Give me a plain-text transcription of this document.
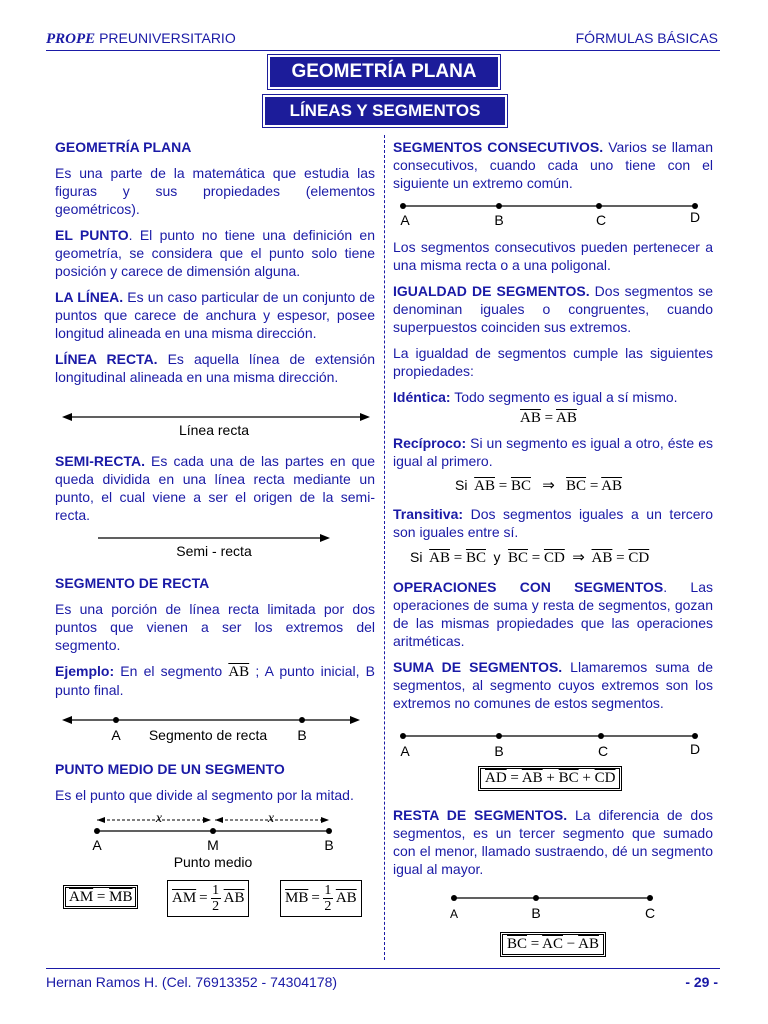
PROPE PREUNIVERSITARIO	FÓRMULAS BÁSICAS
GEOMETRÍA PLANA
LÍNEAS Y SEGMENTOS

GEOMETRÍA PLANA

Es una parte de la matemática que estudia las figuras y sus propiedades (elementos geométricos).

EL PUNTO. El punto no tiene una definición en geometría, se considera que el punto solo tiene posición y carece de dimensión alguna.

LA LÍNEA. Es un caso particular de un conjunto de puntos que carece de anchura y espesor, posee longitud alineada en una misma dirección.

LÍNEA RECTA. Es aquella línea de extensión longitudinal alineada en una misma dirección.

Línea recta

SEMI-RECTA. Es cada una de las partes en que queda dividida en una línea recta mediante un punto, el cual viene a ser el origen de la semi-recta.

Semi - recta

SEGMENTO DE RECTA

Es una porción de línea recta limitada por dos puntos que vienen a ser los extremos del segmento.

Ejemplo: En el segmento $\overline{AB}$ ; A punto inicial, B punto final.

A Segmento de recta B

PUNTO MEDIO DE UN SEGMENTO

Es el punto que divide al segmento por la mitad.

x	x
A	M	B
Punto medio
$\overline{AM} = \overline{MB}$	$\overline{AM} = \frac{1}{2} \overline{AB}$	$\overline{MB} = \frac{1}{2} \overline{AB}$

SEGMENTOS CONSECUTIVOS. Varios se llaman consecutivos, cuando cada uno tiene con el siguiente un extremo común.

A	B	C	D

Los segmentos consecutivos pueden pertenecer a una misma recta o a una poligonal.

IGUALDAD DE SEGMENTOS. Dos segmentos se denominan iguales o congruentes, cuando superpuestos coinciden sus extremos.

La igualdad de segmentos cumple las siguientes propiedades:

Idéntica: Todo segmento es igual a sí mismo.

$\overline{AB} = \overline{AB}$

Recíproco: Si un segmento es igual a otro, éste es igual al primero.

Si $\overline{AB} = \overline{BC}$   ⇒   $\overline{BC} = \overline{AB}$

Transitiva: Dos segmentos iguales a un tercero son iguales entre sí.

Si $\overline{AB} = \overline{BC}$ y $\overline{BC} = \overline{CD}$  ⇒  $\overline{AB} = \overline{CD}$

OPERACIONES CON SEGMENTOS. Las operaciones de suma y resta de segmentos, gozan de las mismas propiedades que las operaciones aritméticas.

SUMA DE SEGMENTOS. Llamaremos suma de segmentos, al segmento cuyos extremos son los extremos no comunes de estos segmentos.

A	B	C	D
$\overline{AD} = \overline{AB} + \overline{BC} + \overline{CD}$

RESTA DE SEGMENTOS. La diferencia de dos segmentos, es un tercer segmento que sumado con el menor, llamado sustraendo, dé un segmento igual al mayor.

A	B	C
$\overline{BC} = \overline{AC} - \overline{AB}$
Hernan Ramos H. (Cel. 76913352 - 74304178)	- 29 -
